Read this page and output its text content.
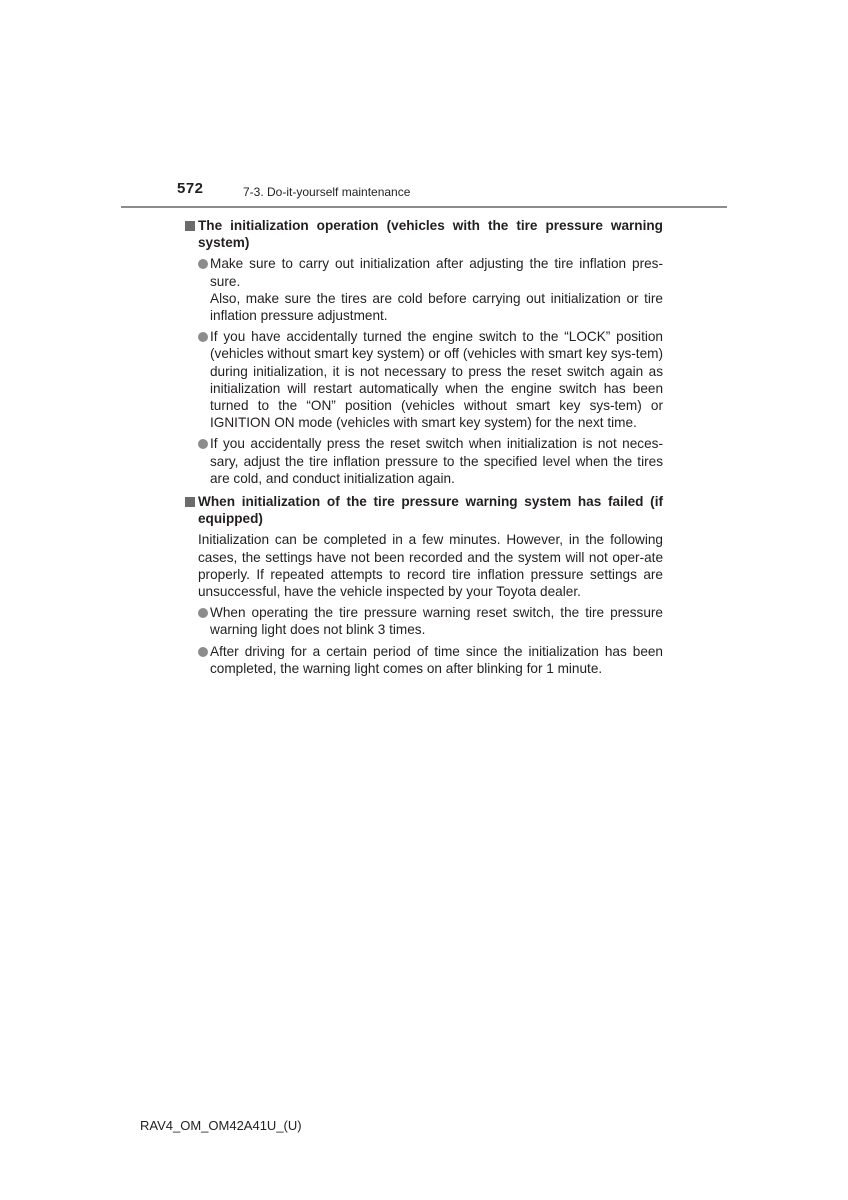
572	7-3. Do-it-yourself maintenance
The initialization operation (vehicles with the tire pressure warning system)

Make sure to carry out initialization after adjusting the tire inflation pres-sure.

Also, make sure the tires are cold before carrying out initialization or tire inflation pressure adjustment.

If you have accidentally turned the engine switch to the “LOCK” position (vehicles without smart key system) or off (vehicles with smart key sys-tem) during initialization, it is not necessary to press the reset switch again as initialization will restart automatically when the engine switch has been turned to the “ON” position (vehicles without smart key sys-tem) or IGNITION ON mode (vehicles with smart key system) for the next time.

If you accidentally press the reset switch when initialization is not neces-sary, adjust the tire inflation pressure to the specified level when the tires are cold, and conduct initialization again.

When initialization of the tire pressure warning system has failed (if equipped)
Initialization can be completed in a few minutes. However, in the following cases, the settings have not been recorded and the system will not oper-ate properly. If repeated attempts to record tire inflation pressure settings are unsuccessful, have the vehicle inspected by your Toyota dealer.

When operating the tire pressure warning reset switch, the tire pressure warning light does not blink 3 times.

After driving for a certain period of time since the initialization has been completed, the warning light comes on after blinking for 1 minute.

RAV4_OM_OM42A41U_(U)
